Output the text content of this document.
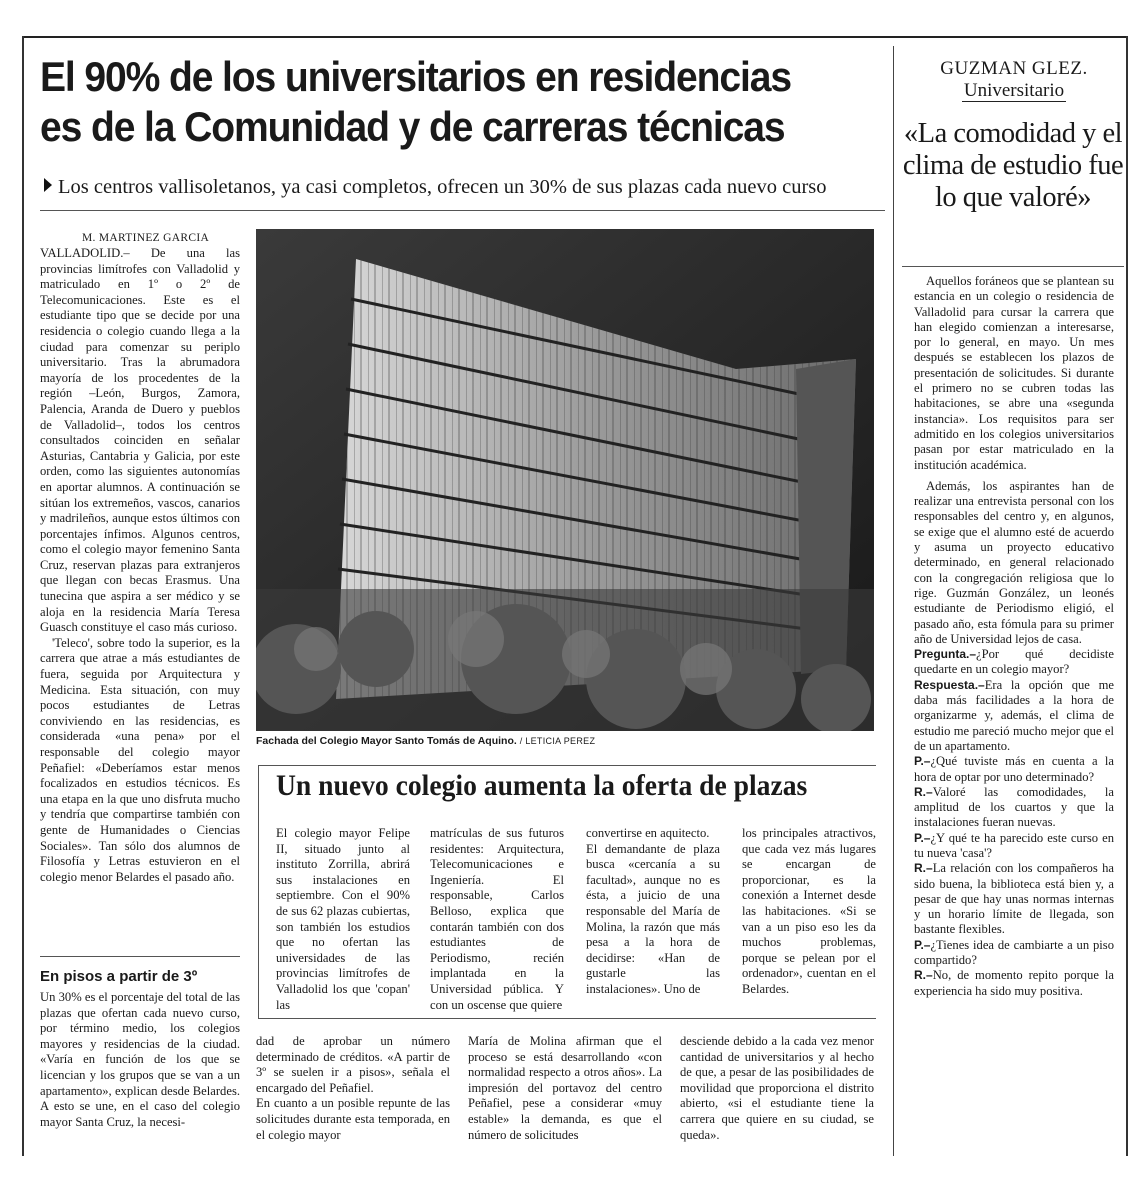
El 90% de los universitarios en residencias
es de la Comunidad y de carreras técnicas
Los centros vallisoletanos, ya casi completos, ofrecen un 30% de sus plazas cada nuevo curso
M. MARTINEZ GARCIA

VALLADOLID.– De una las provincias limítrofes con Valladolid y matriculado en 1º o 2º de Telecomunicaciones. Este es el estudiante tipo que se decide por una residencia o colegio cuando llega a la ciudad para comenzar su periplo universitario. Tras la abrumadora mayoría de los procedentes de la región –León, Burgos, Zamora, Palencia, Aranda de Duero y pueblos de Valladolid–, todos los centros consultados coinciden en señalar Asturias, Cantabria y Galicia, por este orden, como las siguientes autonomías en aportar alumnos. A continuación se sitúan los extremeños, vascos, canarios y madrileños, aunque estos últimos con porcentajes ínfimos. Algunos centros, como el colegio mayor femenino Santa Cruz, reservan plazas para extranjeros que llegan con becas Erasmus. Una tunecina que aspira a ser médico y se aloja en la residencia María Teresa Guasch constituye el caso más curioso.

'Teleco', sobre todo la superior, es la carrera que atrae a más estudiantes de fuera, seguida por Arquitectura y Medicina. Esta situación, con muy pocos estudiantes de Letras conviviendo en las residencias, es considerada «una pena» por el responsable del colegio mayor Peñafiel: «Deberíamos estar menos focalizados en estudios técnicos. Es una etapa en la que uno disfruta mucho y tendría que compartirse también con gente de Humanidades o Ciencias Sociales». Tan sólo dos alumnos de Filosofía y Letras estuvieron en el colegio menor Belardes el pasado año.

En pisos a partir de 3º

Un 30% es el porcentaje del total de las plazas que ofertan cada nuevo curso, por término medio, los colegios mayores y residencias de la ciudad. «Varía en función de los que se licencian y los grupos que se van a un apartamento», explican desde Belardes. A esto se une, en el caso del colegio mayor Santa Cruz, la necesi-

Fachada del Colegio Mayor Santo Tomás de Aquino. / LETICIA PEREZ
Un nuevo colegio aumenta la oferta de plazas

El colegio mayor Felipe II, situado junto al instituto Zorrilla, abrirá sus instalaciones en septiembre. Con el 90% de sus 62 plazas cubiertas, son también los estudios que no ofertan las universidades de las provincias limítrofes de Valladolid los que 'copan' las

matrículas de sus futuros residentes: Arquitectura, Telecomunicaciones e Ingeniería. El responsable, Carlos Belloso, explica que contarán también con dos estudiantes de Periodismo, recién implantada en la Universidad pública. Y con un oscense que quiere

convertirse en aquitecto.
El demandante de plaza busca «cercanía a su facultad», aunque no es ésta, a juicio de una responsable del María de Molina, la razón que más pesa a la hora de decidirse: «Han de gustarle las instalaciones». Uno de

los principales atractivos, que cada vez más lugares se encargan de proporcionar, es la conexión a Internet desde las habitaciones. «Si se van a un piso eso les da muchos problemas, porque se pelean por el ordenador», cuentan en el Belardes.

dad de aprobar un número determinado de créditos. «A partir de 3º se suelen ir a pisos», señala el encargado del Peñafiel.
En cuanto a un posible repunte de las solicitudes durante esta temporada, en el colegio mayor

María de Molina afirman que el proceso se está desarrollando «con normalidad respecto a otros años». La impresión del portavoz del centro Peñafiel, pese a considerar «muy estable» la demanda, es que el número de solicitudes

desciende debido a la cada vez menor cantidad de universitarios y al hecho de que, a pesar de las posibilidades de movilidad que proporciona el distrito abierto, «si el estudiante tiene la carrera que quiere en su ciudad, se queda».

GUZMAN GLEZ.
Universitario
«La comodidad y el clima de estudio fue lo que valoré»

Aquellos foráneos que se plantean su estancia en un colegio o residencia de Valladolid para cursar la carrera que han elegido comienzan a interesarse, por lo general, en mayo. Un mes después se establecen los plazos de presentación de solicitudes. Si durante el primero no se cubren todas las habitaciones, se abre una «segunda instancia». Los requisitos para ser admitido en los colegios universitarios pasan por estar matriculado en la institución académica.

Además, los aspirantes han de realizar una entrevista personal con los responsables del centro y, en algunos, se exige que el alumno esté de acuerdo y asuma un proyecto educativo determinado, en general relacionado con la congregación religiosa que lo rige. Guzmán González, un leonés estudiante de Periodismo eligió, el pasado año, esta fómula para su primer año de Universidad lejos de casa.

Pregunta.–¿Por qué decidiste quedarte en un colegio mayor?

Respuesta.–Era la opción que me daba más facilidades a la hora de organizarme y, además, el clima de estudio me pareció mucho mejor que el de un apartamento.

P.–¿Qué tuviste más en cuenta a la hora de optar por uno determinado?

R.–Valoré las comodidades, la amplitud de los cuartos y que la instalaciones fueran nuevas.

P.–¿Y qué te ha parecido este curso en tu nueva 'casa'?

R.–La relación con los compañeros ha sido buena, la biblioteca está bien y, a pesar de que hay unas normas internas y un horario límite de llegada, son bastante flexibles.

P.–¿Tienes idea de cambiarte a un piso compartido?

R.–No, de momento repito porque la experiencia ha sido muy positiva.
